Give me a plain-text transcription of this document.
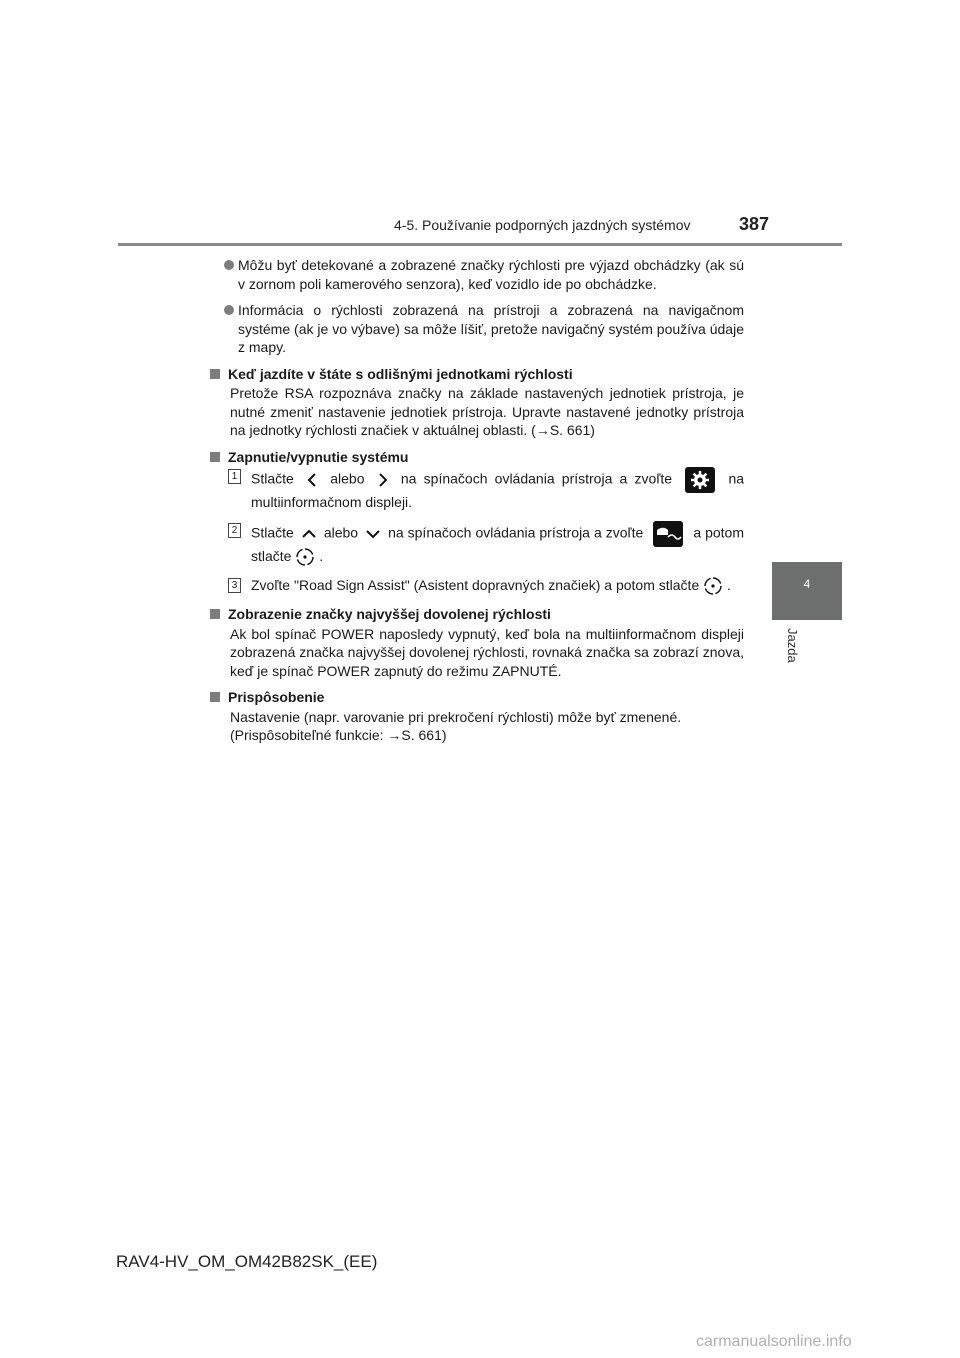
4-5. Používanie podporných jazdných systémov	387
4
Jazda
Môžu byť detekované a zobrazené značky rýchlosti pre výjazd obchádzky (ak sú v zornom poli kamerového senzora), keď vozidlo ide po obchádzke.
Informácia o rýchlosti zobrazená na prístroji a zobrazená na navigačnom systéme (ak je vo výbave) sa môže líšiť, pretože navigačný systém používa údaje z mapy.
Keď jazdíte v štáte s odlišnými jednotkami rýchlosti
Pretože RSA rozpoznáva značky na základe nastavených jednotiek prístroja, je nutné zmeniť nastavenie jednotiek prístroja. Upravte nastavené jednotky prístroja na jednotky rýchlosti značiek v aktuálnej oblasti. (→S. 661)
Zapnutie/vypnutie systému
1 Stlačte	alebo	na spínačoch ovládania prístroja a zvoľte	na multiinformačnom displeji.
2 Stlačte alebo na spínačoch ovládania prístroja a zvoľte	a potom stlačte .
3 Zvoľte "Road Sign Assist" (Asistent dopravných značiek) a potom stlačte .
Zobrazenie značky najvyššej dovolenej rýchlosti
Ak bol spínač POWER naposledy vypnutý, keď bola na multiinformačnom displeji zobrazená značka najvyššej dovolenej rýchlosti, rovnaká značka sa zobrazí znova, keď je spínač POWER zapnutý do režimu ZAPNUTÉ.
Prispôsobenie
Nastavenie (napr. varovanie pri prekročení rýchlosti) môže byť zmenené.
(Prispôsobiteľné funkcie: →S. 661)
RAV4-HV_OM_OM42B82SK_(EE)
carmanualsonline.info
